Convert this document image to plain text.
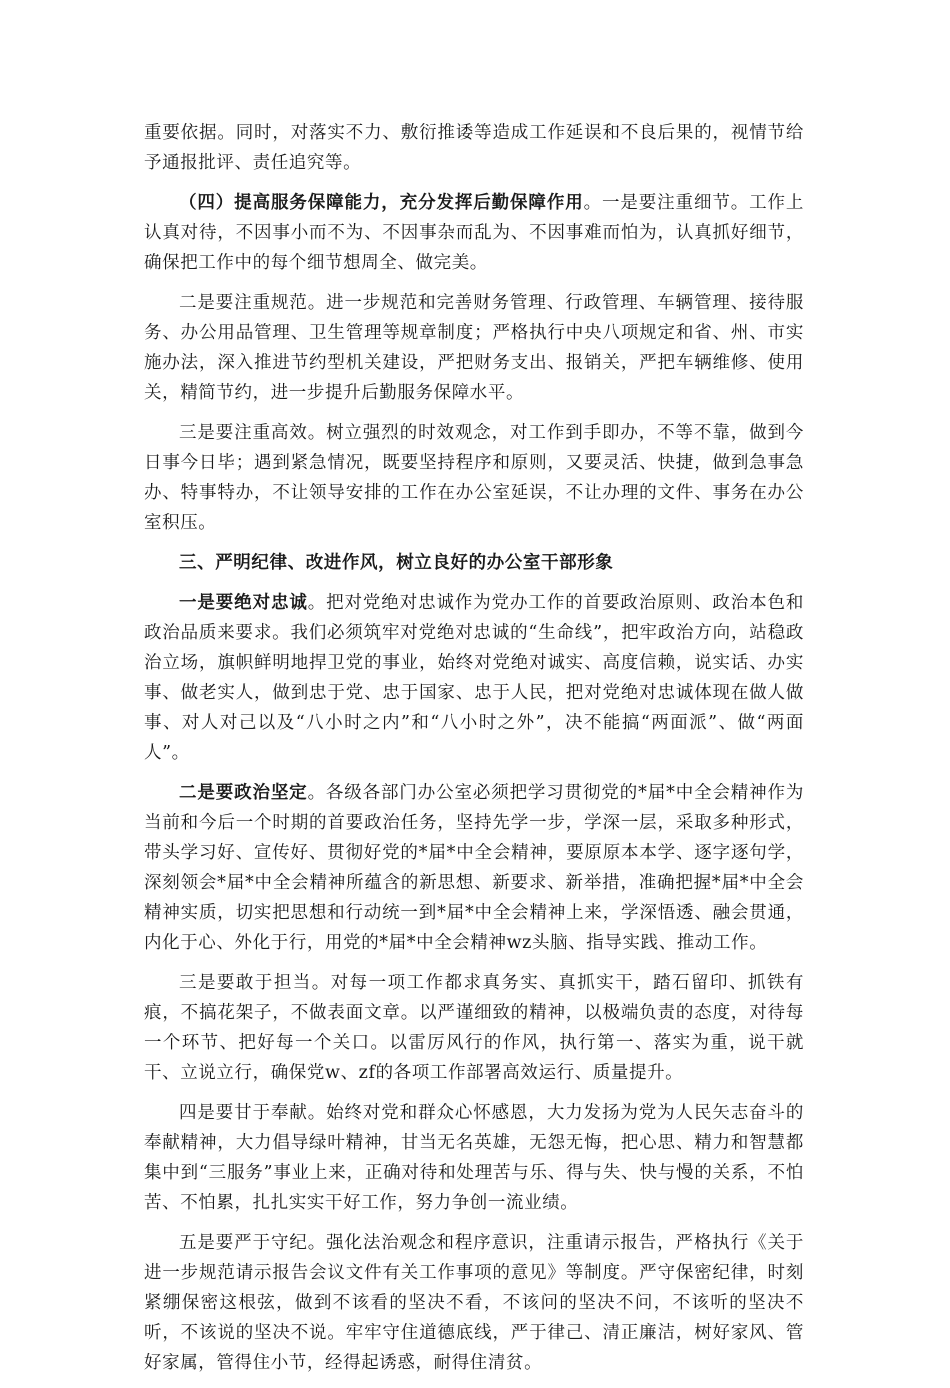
重要依据。同时，对落实不力、敷衍推诿等造成工作延误和不良后果的，视情节给予通报批评、责任追究等。

（四）提高服务保障能力，充分发挥后勤保障作用。一是要注重细节。工作上认真对待，不因事小而不为、不因事杂而乱为、不因事难而怕为，认真抓好细节，确保把工作中的每个细节想周全、做完美。

二是要注重规范。进一步规范和完善财务管理、行政管理、车辆管理、接待服务、办公用品管理、卫生管理等规章制度；严格执行中央八项规定和省、州、市实施办法，深入推进节约型机关建设，严把财务支出、报销关，严把车辆维修、使用关，精简节约，进一步提升后勤服务保障水平。

三是要注重高效。树立强烈的时效观念，对工作到手即办，不等不靠，做到今日事今日毕；遇到紧急情况，既要坚持程序和原则，又要灵活、快捷，做到急事急办、特事特办，不让领导安排的工作在办公室延误，不让办理的文件、事务在办公室积压。

三、严明纪律、改进作风，树立良好的办公室干部形象

一是要绝对忠诚。把对党绝对忠诚作为党办工作的首要政治原则、政治本色和政治品质来要求。我们必须筑牢对党绝对忠诚的“生命线”，把牢政治方向，站稳政治立场，旗帜鲜明地捍卫党的事业，始终对党绝对诚实、高度信赖，说实话、办实事、做老实人，做到忠于党、忠于国家、忠于人民，把对党绝对忠诚体现在做人做事、对人对己以及“八小时之内”和“八小时之外”，决不能搞“两面派”、做“两面人”。

二是要政治坚定。各级各部门办公室必须把学习贯彻党的*届*中全会精神作为当前和今后一个时期的首要政治任务，坚持先学一步，学深一层，采取多种形式，带头学习好、宣传好、贯彻好党的*届*中全会精神，要原原本本学、逐字逐句学，深刻领会*届*中全会精神所蕴含的新思想、新要求、新举措，准确把握*届*中全会精神实质，切实把思想和行动统一到*届*中全会精神上来，学深悟透、融会贯通，内化于心、外化于行，用党的*届*中全会精神wz头脑、指导实践、推动工作。

三是要敢于担当。对每一项工作都求真务实、真抓实干，踏石留印、抓铁有痕，不搞花架子，不做表面文章。以严谨细致的精神，以极端负责的态度，对待每一个环节、把好每一个关口。以雷厉风行的作风，执行第一、落实为重，说干就干、立说立行，确保党w、zf的各项工作部署高效运行、质量提升。

四是要甘于奉献。始终对党和群众心怀感恩，大力发扬为党为人民矢志奋斗的奉献精神，大力倡导绿叶精神，甘当无名英雄，无怨无悔，把心思、精力和智慧都集中到“三服务”事业上来，正确对待和处理苦与乐、得与失、快与慢的关系，不怕苦、不怕累，扎扎实实干好工作，努力争创一流业绩。

五是要严于守纪。强化法治观念和程序意识，注重请示报告，严格执行《关于进一步规范请示报告会议文件有关工作事项的意见》等制度。严守保密纪律，时刻紧绷保密这根弦，做到不该看的坚决不看，不该问的坚决不问，不该听的坚决不听，不该说的坚决不说。牢牢守住道德底线，严于律己、清正廉洁，树好家风、管好家属，管得住小节，经得起诱惑，耐得住清贫。
